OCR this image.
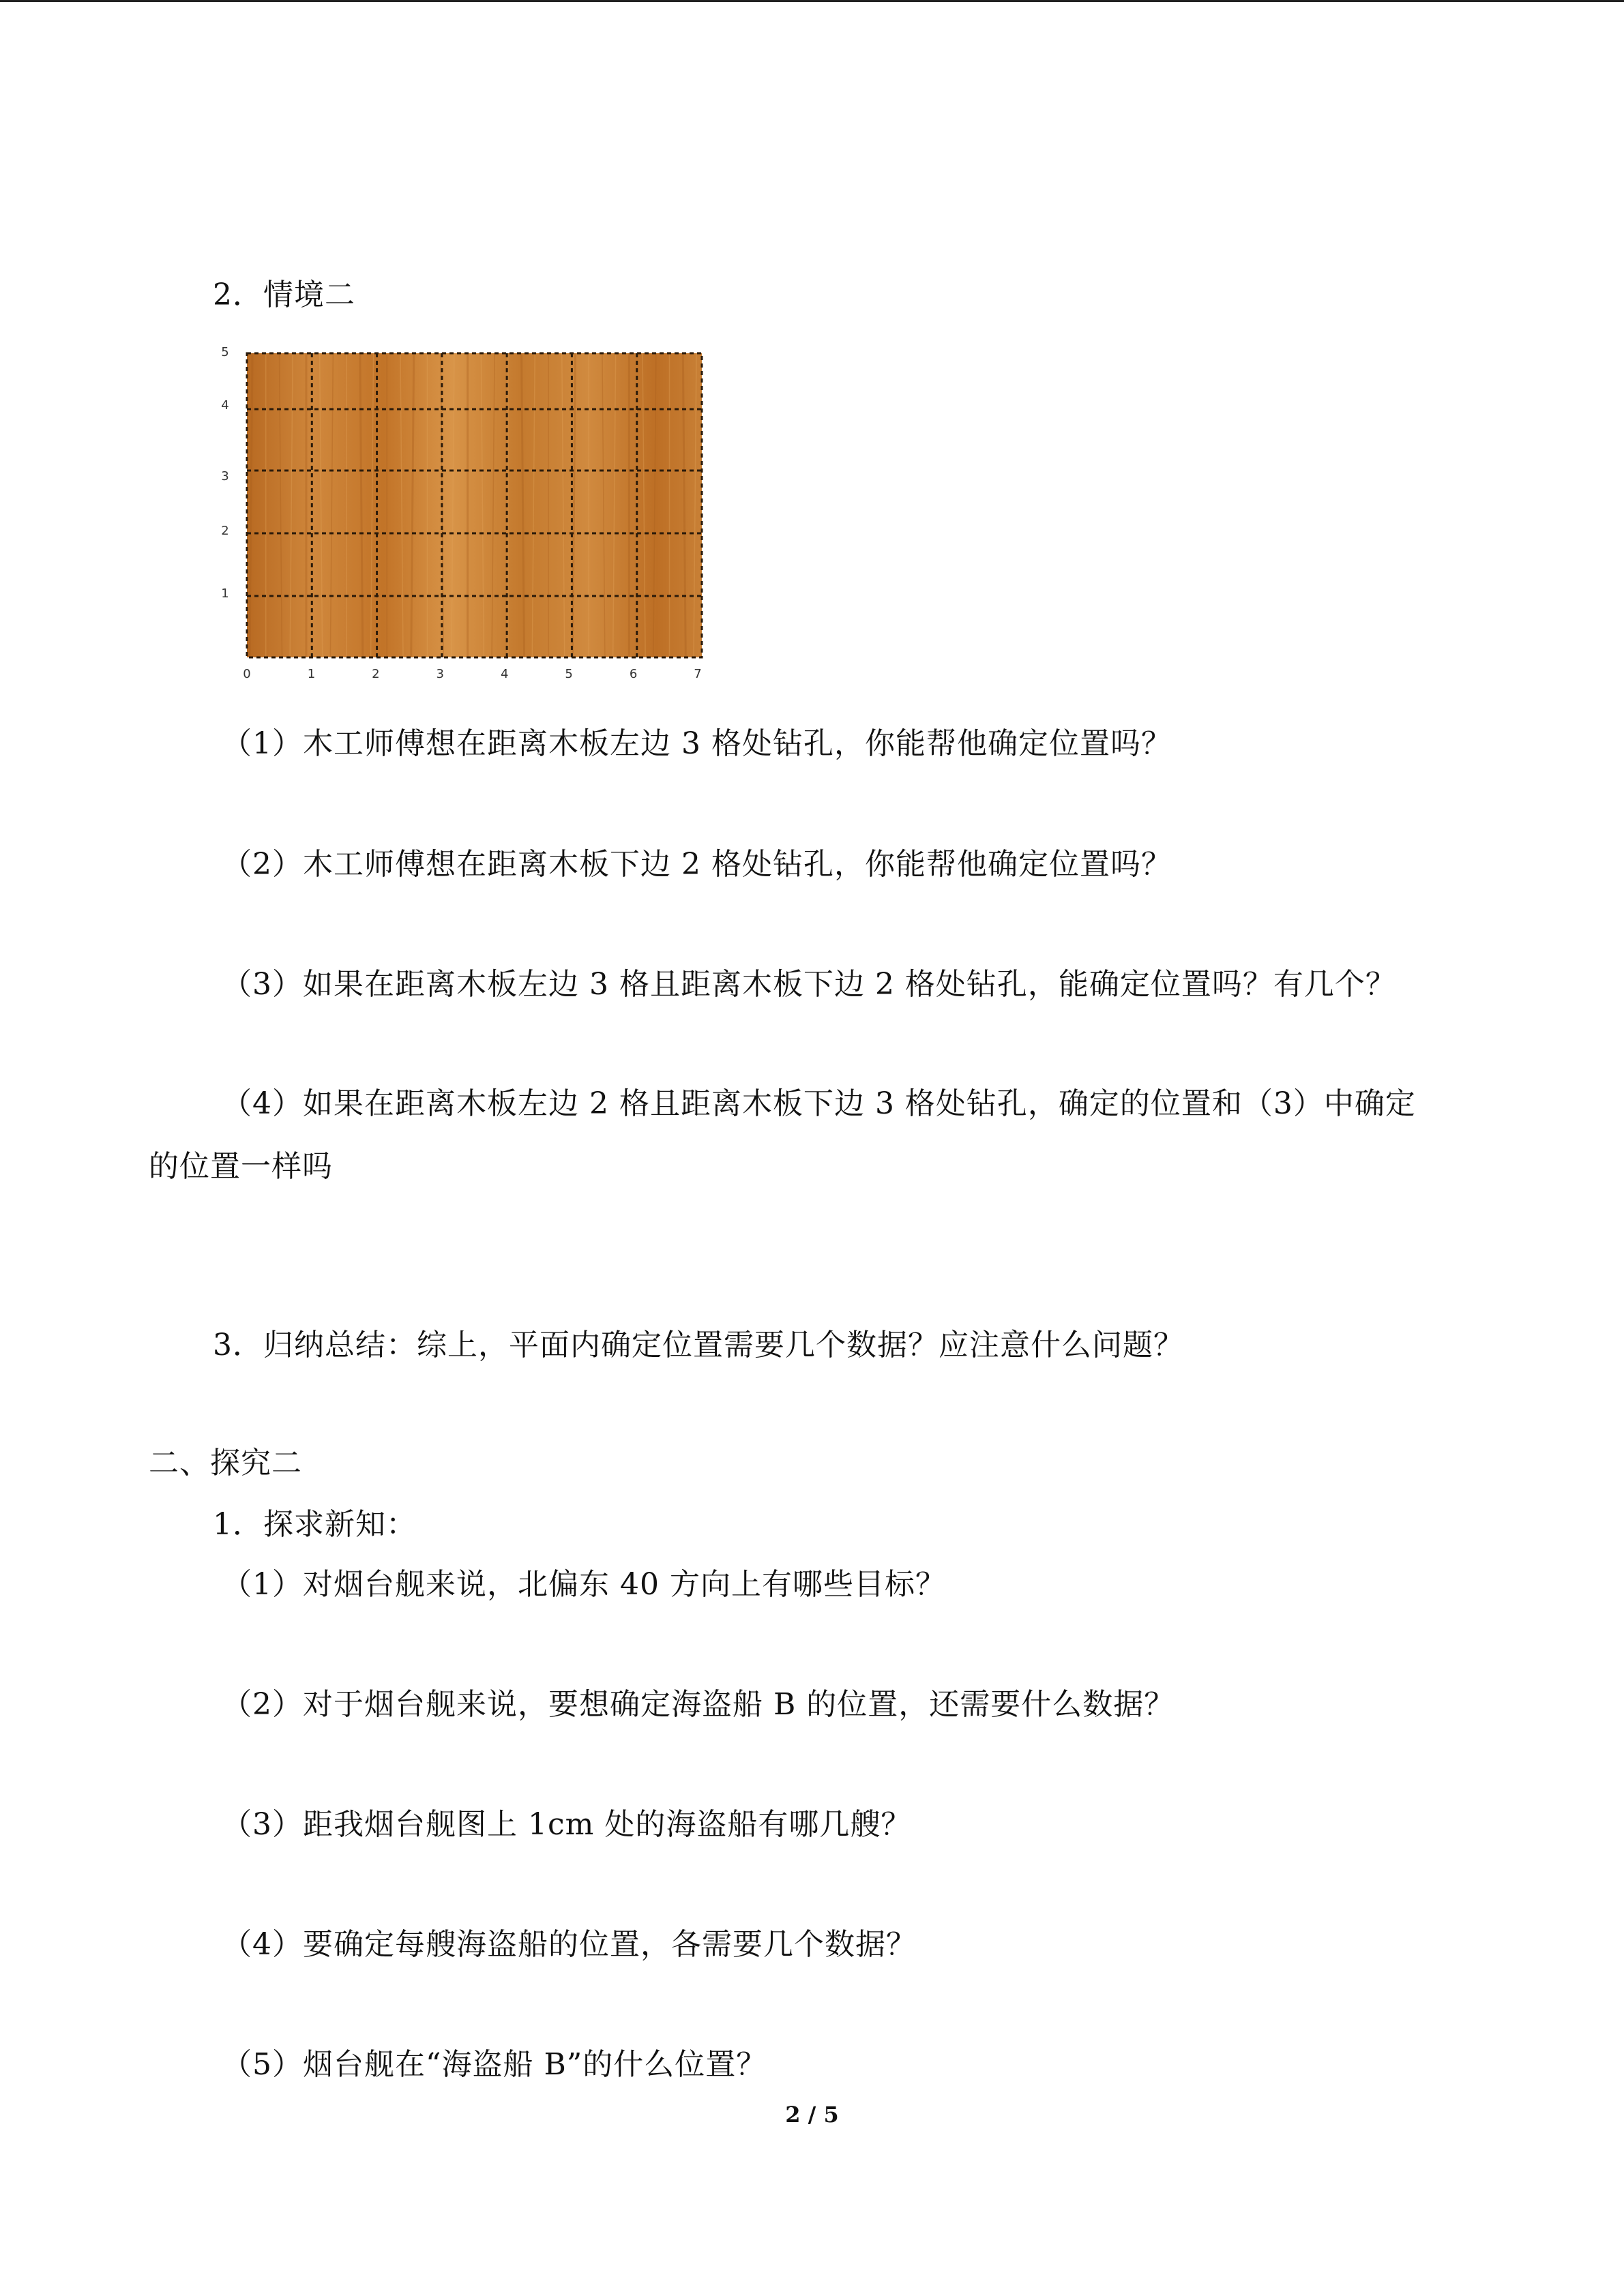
2．情境二
0	1	2	3	4	5	6	7
5
4
3
2
1
（1）木工师傅想在距离木板左边 3 格处钻孔，你能帮他确定位置吗？
（2）木工师傅想在距离木板下边 2 格处钻孔，你能帮他确定位置吗？
（3）如果在距离木板左边 3 格且距离木板下边 2 格处钻孔，能确定位置吗？有几个？
（4）如果在距离木板左边 2 格且距离木板下边 3 格处钻孔，确定的位置和（3）中确定
的位置一样吗
3．归纳总结：综上，平面内确定位置需要几个数据？应注意什么问题？
二、探究二
1．探求新知：
（1）对烟台舰来说，北偏东 40 方向上有哪些目标？
（2）对于烟台舰来说，要想确定海盗船 B 的位置，还需要什么数据？
（3）距我烟台舰图上 1cm 处的海盗船有哪几艘？
（4）要确定每艘海盗船的位置，各需要几个数据？
（5）烟台舰在“海盗船 B”的什么位置？
2 / 5
